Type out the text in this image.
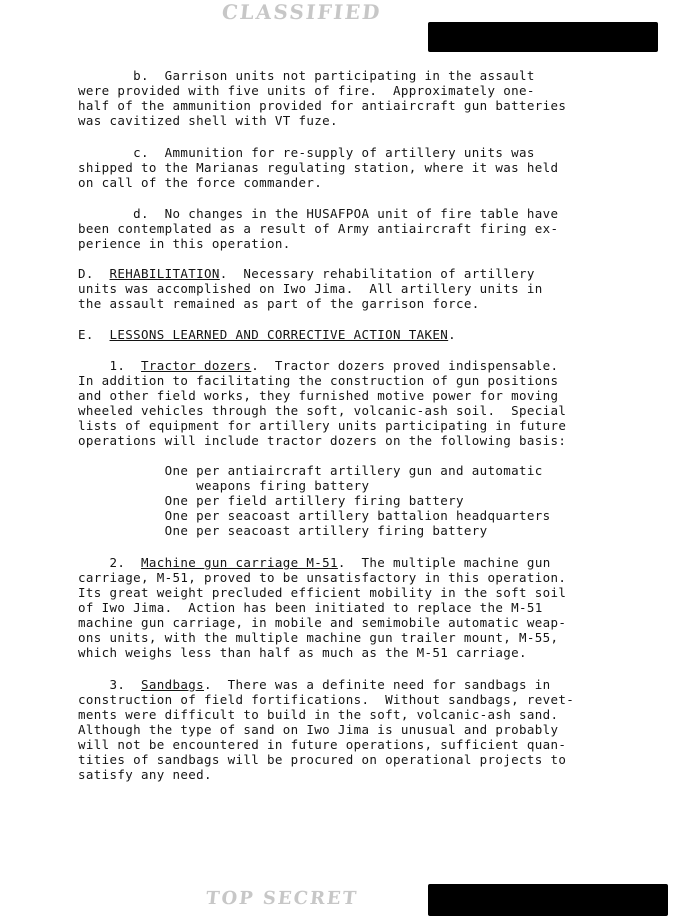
CLASSIFIED
b.  Garrison units not participating in the assault
were provided with five units of fire.  Approximately one-
half of the ammunition provided for antiaircraft gun batteries
was cavitized shell with VT fuze.
c.  Ammunition for re-supply of artillery units was
shipped to the Marianas regulating station, where it was held
on call of the force commander.
d.  No changes in the HUSAFPOA unit of fire table have
been contemplated as a result of Army antiaircraft firing ex-
perience in this operation.
D.  REHABILITATION.  Necessary rehabilitation of artillery
units was accomplished on Iwo Jima.  All artillery units in
the assault remained as part of the garrison force.
E.  LESSONS LEARNED AND CORRECTIVE ACTION TAKEN.
1.  Tractor dozers.  Tractor dozers proved indispensable.
In addition to facilitating the construction of gun positions
and other field works, they furnished motive power for moving
wheeled vehicles through the soft, volcanic-ash soil.  Special
lists of equipment for artillery units participating in future
operations will include tractor dozers on the following basis:
One per antiaircraft artillery gun and automatic
weapons firing battery
One per field artillery firing battery
One per seacoast artillery battalion headquarters
One per seacoast artillery firing battery
2.  Machine gun carriage M-51.  The multiple machine gun
carriage, M-51, proved to be unsatisfactory in this operation.
Its great weight precluded efficient mobility in the soft soil
of Iwo Jima.  Action has been initiated to replace the M-51
machine gun carriage, in mobile and semimobile automatic weap-
ons units, with the multiple machine gun trailer mount, M-55,
which weighs less than half as much as the M-51 carriage.
3.  Sandbags.  There was a definite need for sandbags in
construction of field fortifications.  Without sandbags, revet-
ments were difficult to build in the soft, volcanic-ash sand.
Although the type of sand on Iwo Jima is unusual and probably
will not be encountered in future operations, sufficient quan-
tities of sandbags will be procured on operational projects to
satisfy any need.
TOP SECRET
